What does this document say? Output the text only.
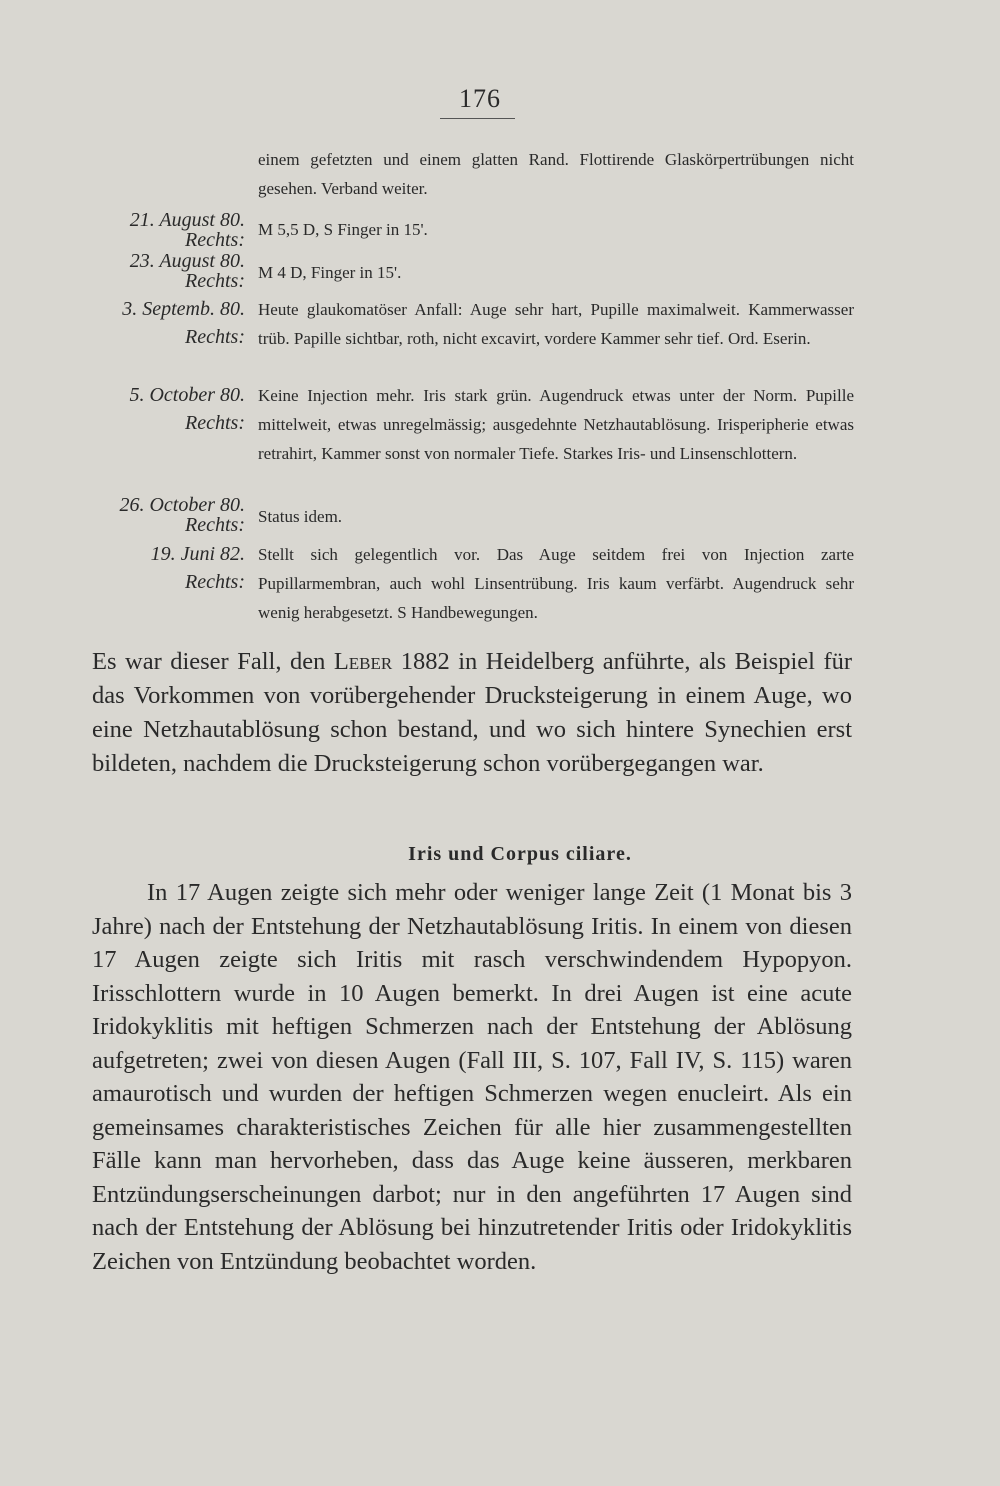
176
einem gefetzten und einem glatten Rand. Flottirende Glaskörpertrübungen nicht gesehen. Verband weiter.
21. August 80.
Rechts: M 5,5 D, S Finger in 15'.
23. August 80.
Rechts: M 4 D, Finger in 15'.
3. Septemb. 80.
Rechts:
Heute glaukomatöser Anfall: Auge sehr hart, Pupille maximalweit. Kammerwasser trüb. Papille sichtbar, roth, nicht excavirt, vordere Kammer sehr tief. Ord. Eserin.
5. October 80.
Rechts:
Keine Injection mehr. Iris stark grün. Augendruck etwas unter der Norm. Pupille mittelweit, etwas unregelmässig; ausgedehnte Netzhautablösung. Irisperipherie etwas retrahirt, Kammer sonst von normaler Tiefe. Starkes Iris- und Linsenschlottern.
26. October 80.
Rechts: Status idem.
19. Juni 82.
Rechts:
Stellt sich gelegentlich vor. Das Auge seitdem frei von Injection zarte Pupillarmembran, auch wohl Linsentrübung. Iris kaum verfärbt. Augendruck sehr wenig herabgesetzt. S Handbewegungen.
Es war dieser Fall, den Leber 1882 in Heidelberg anführte, als Beispiel für das Vorkommen von vorübergehender Drucksteigerung in einem Auge, wo eine Netzhautablösung schon bestand, und wo sich hintere Synechien erst bildeten, nachdem die Drucksteigerung schon vorübergegangen war.
Iris und Corpus ciliare.
In 17 Augen zeigte sich mehr oder weniger lange Zeit (1 Monat bis 3 Jahre) nach der Entstehung der Netzhautablösung Iritis. In einem von diesen 17 Augen zeigte sich Iritis mit rasch verschwindendem Hypopyon. Irisschlottern wurde in 10 Augen bemerkt. In drei Augen ist eine acute Iridokyklitis mit heftigen Schmerzen nach der Entstehung der Ablösung aufgetreten; zwei von diesen Augen (Fall III, S. 107, Fall IV, S. 115) waren amaurotisch und wurden der heftigen Schmerzen wegen enucleirt. Als ein gemeinsames charakteristisches Zeichen für alle hier zusammengestellten Fälle kann man hervorheben, dass das Auge keine äusseren, merkbaren Entzündungserscheinungen darbot; nur in den angeführten 17 Augen sind nach der Entstehung der Ablösung bei hinzutretender Iritis oder Iridokyklitis Zeichen von Entzündung beobachtet worden.
